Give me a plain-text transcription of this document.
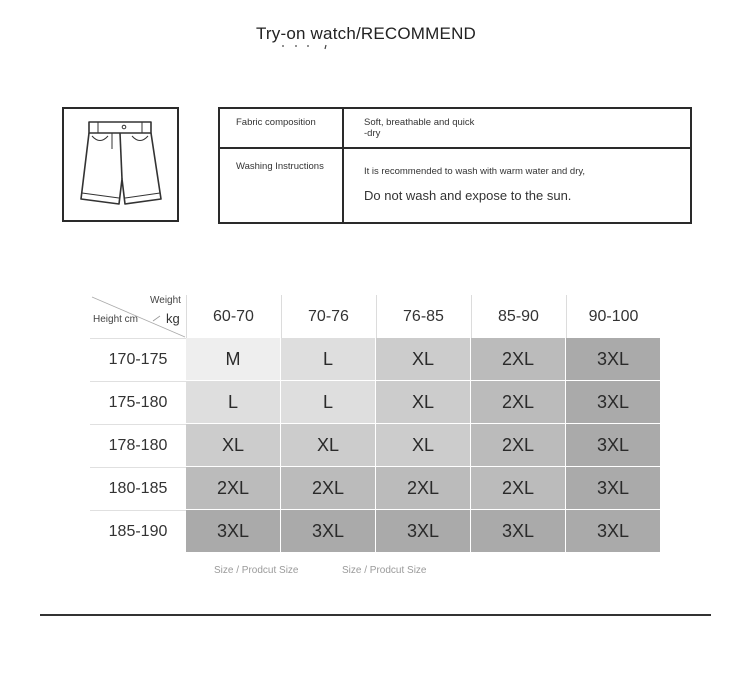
Try-on watch/RECOMMEND
Fabric composition	Soft, breathable and quick
-dry
Washing Instructions	It is recommended to wash with warm water and dry,
Do not wash and expose to the sun.
Weight
kg
Height cm	60-70	70-76	76-85	85-90	90-100
170-175	M	L	XL	2XL	3XL
175-180	L	L	XL	2XL	3XL
178-180	XL	XL	XL	2XL	3XL
180-185	2XL	2XL	2XL	2XL	3XL
185-190	3XL	3XL	3XL	3XL	3XL
Size / Prodcut Size	Size / Prodcut Size
